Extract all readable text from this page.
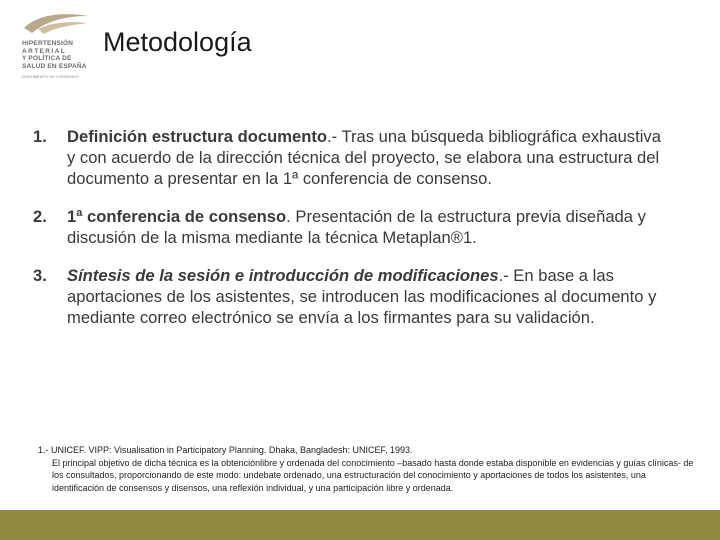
HIPERTENSIÓN
ARTERIAL
Y POLÍTICA DE
SALUD EN ESPAÑA
DOCUMENTO DE CONSENSO
Metodología
1.	Definición estructura documento.- Tras una búsqueda bibliográfica exhaustiva y con acuerdo de la dirección técnica del proyecto, se elabora una estructura del documento a presentar en la 1ª conferencia de consenso.
2.	1ª conferencia de consenso. Presentación de la estructura previa diseñada y discusión de la misma mediante la técnica Metaplan®1.
3.	Síntesis de la sesión e introducción de modificaciones.- En base a las aportaciones de los asistentes, se introducen las modificaciones al documento y mediante correo electrónico se envía a los firmantes para su validación.
1.- UNICEF. VIPP: Visualisation in Participatory Planning. Dhaka, Bangladesh: UNICEF, 1993.
El principal objetivo de dicha técnica es la obtenciónlibre y ordenada del conocimiento –basado hasta donde estaba disponible en evidencias y guías clínicas- de los consultados, proporcionando de este modo: undebate ordenado, una estructuración del conocimiento y aportaciones de todos los asistentes, una identificación de consensos y disensos, una reflexión individual, y una participación libre y ordenada.
